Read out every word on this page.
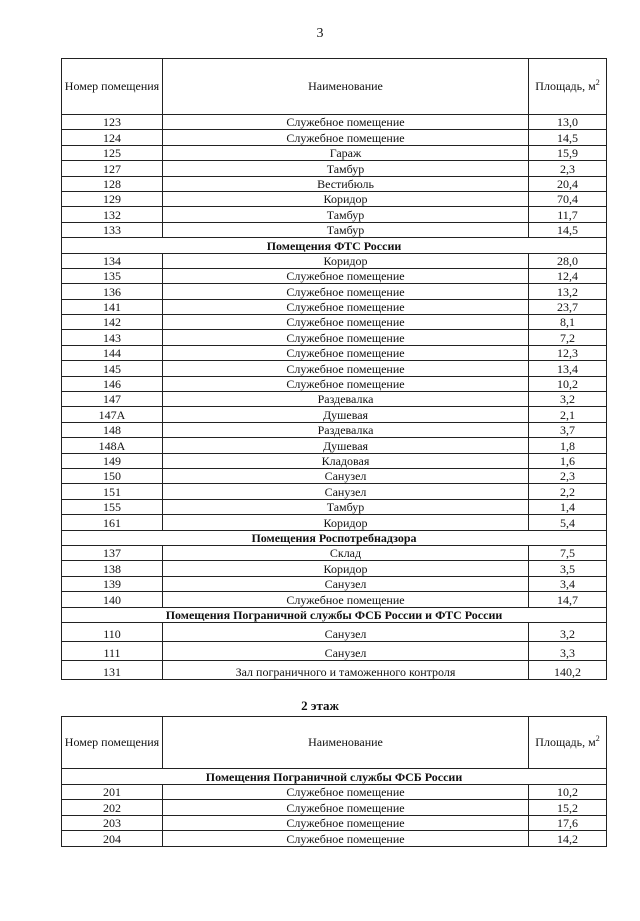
3
Номер помещения	Наименование	Площадь, $м^2$
123	Служебное помещение	13,0
124	Служебное помещение	14,5
125	Гараж	15,9
127	Тамбур	2,3
128	Вестибюль	20,4
129	Коридор	70,4
132	Тамбур	11,7
133	Тамбур	14,5
Помещения ФТС России		
134	Коридор	28,0
135	Служебное помещение	12,4
136	Служебное помещение	13,2
141	Служебное помещение	23,7
142	Служебное помещение	8,1
143	Служебное помещение	7,2
144	Служебное помещение	12,3
145	Служебное помещение	13,4
146	Служебное помещение	10,2
147	Раздевалка	3,2
147А	Душевая	2,1
148	Раздевалка	3,7
148А	Душевая	1,8
149	Кладовая	1,6
150	Санузел	2,3
151	Санузел	2,2
155	Тамбур	1,4
161	Коридор	5,4
Помещения Роспотребнадзора		
137	Склад	7,5
138	Коридор	3,5
139	Санузел	3,4
140	Служебное помещение	14,7
Помещения Пограничной службы ФСБ России и ФТС России		
110	Санузел	3,2
111	Санузел	3,3
131	Зал пограничного и таможенного контроля	140,2
2 этаж
Номер помещения	Наименование	Площадь, $м^2$
Помещения Пограничной службы ФСБ России		
201	Служебное помещение	10,2
202	Служебное помещение	15,2
203	Служебное помещение	17,6
204	Служебное помещение	14,2
